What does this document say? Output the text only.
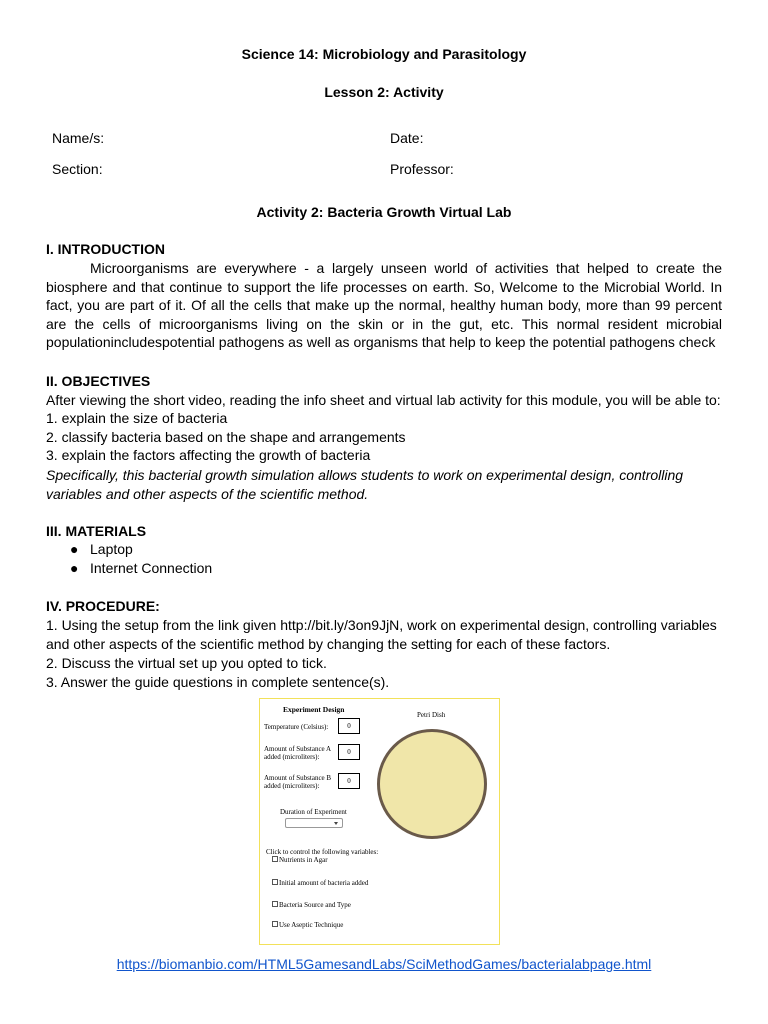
Science 14: Microbiology and Parasitology
Lesson 2: Activity
Name/s:	Date:
Section:	Professor:
Activity 2: Bacteria Growth Virtual Lab
I. INTRODUCTION
Microorganisms are everywhere - a largely unseen world of activities that helped to create the biosphere and that continue to support the life processes on earth. So, Welcome to the Microbial World. In fact, you are part of it. Of all the cells that make up the normal, healthy human body, more than 99 percent are the cells of microorganisms living on the skin or in the gut, etc. This normal resident microbial populationincludespotential pathogens as well as organisms that help to keep the potential pathogens check
II. OBJECTIVES
After viewing the short video, reading the info sheet and virtual lab activity for this module, you will be able to:
1. explain the size of bacteria
2. classify bacteria based on the shape and arrangements
3. explain the factors affecting the growth of bacteria
Specifically, this bacterial growth simulation allows students to work on experimental design, controlling
variables and other aspects of the scientific method.
III. MATERIALS
● Laptop
● Internet Connection
IV. PROCEDURE:
1. Using the setup from the link given http://bit.ly/3on9JjN, work on experimental design, controlling variables
and other aspects of the scientific method by changing the setting for each of these factors.
2. Discuss the virtual set up you opted to tick.
3. Answer the guide questions in complete sentence(s).
Experiment Design
Petri Dish
Temperature (Celsius):	0
Amount of Substance A
added (microliters):
0
Amount of Substance B
added (microliters):
0
Duration of Experiment
Click to control the following variables:
Nutrients in Agar
Initial amount of bacteria added
Bacteria Source and Type
Use Aseptic Technique
https://biomanbio.com/HTML5GamesandLabs/SciMethodGames/bacterialabpage.html
